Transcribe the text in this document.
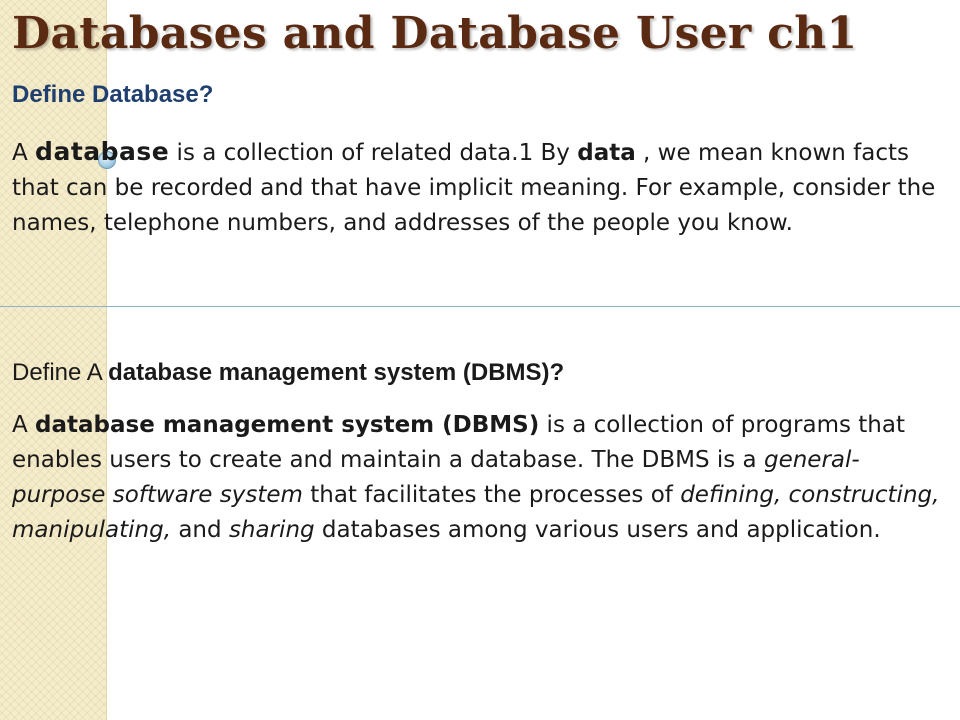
Databases and Database User ch1
Define Database?

A database is a collection of related data.1 By data , we mean known facts that can be recorded and that have implicit meaning. For example, consider the names, telephone numbers, and addresses of the people you know.

Define A database management system (DBMS)?

A database management system (DBMS) is a collection of programs that enables users to create and maintain a database. The DBMS is a general-purpose software system that facilitates the processes of defining, constructing, manipulating, and sharing databases among various users and application.
